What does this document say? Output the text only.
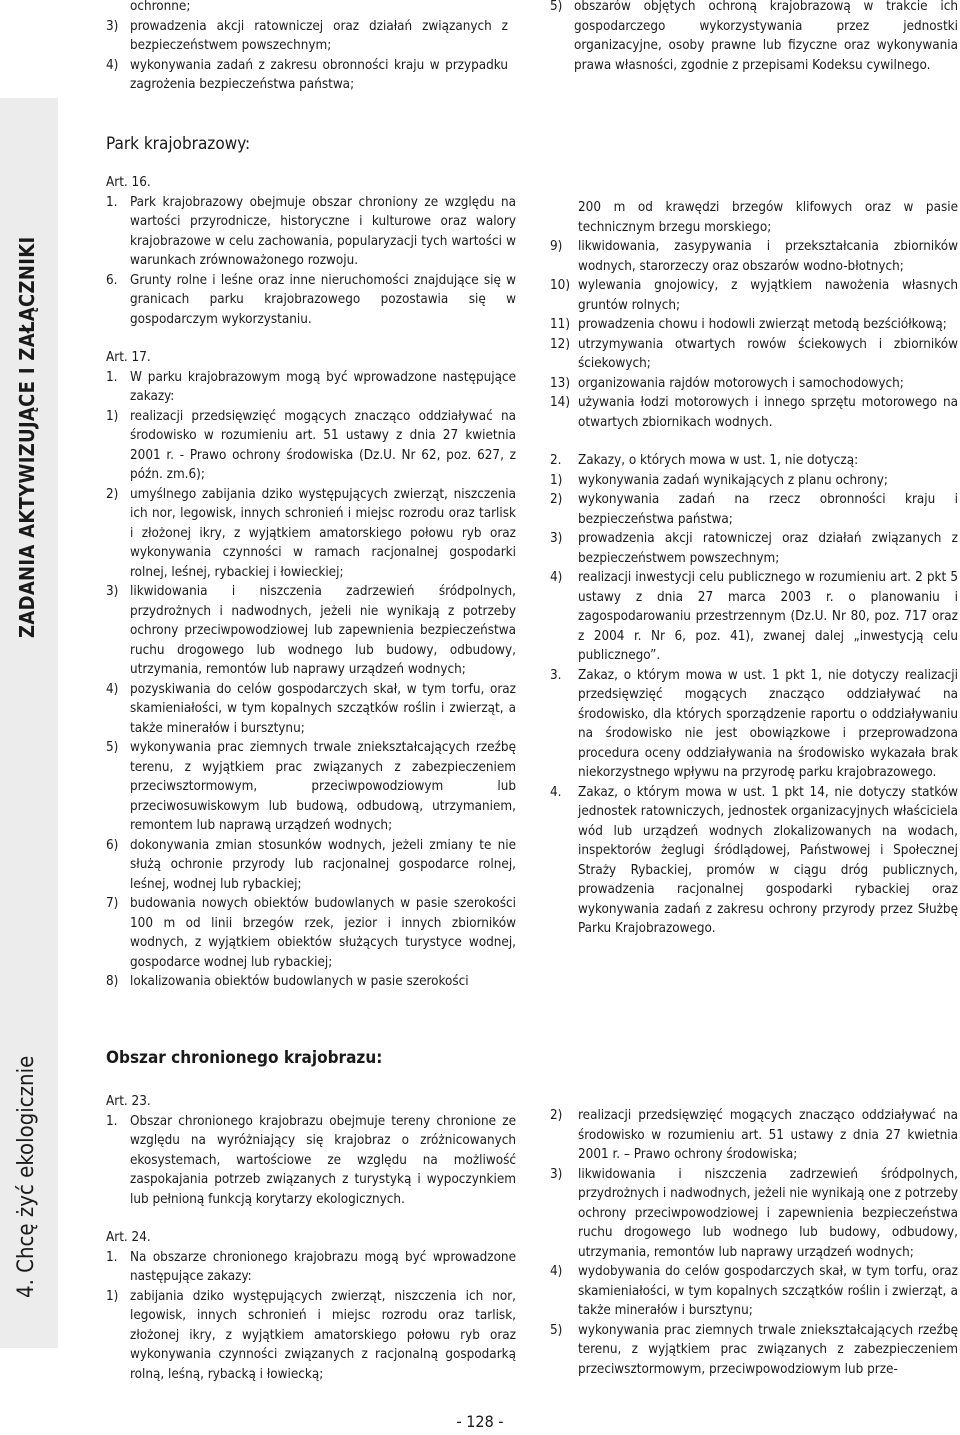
ZADANIA AKTYWIZUJĄCE I ZAŁĄCZNIKI
4. Chcę żyć ekologicznie

ochronne;

3) prowadzenia akcji ratowniczej oraz działań związanych z bezpieczeństwem powszechnym;
4) wykonywania zadań z zakresu obronności kraju w przypadku zagrożenia bezpieczeństwa państwa;
5) obszarów objętych ochroną krajobrazową w trakcie ich gospodarczego wykorzystywania przez jednostki organizacyjne, osoby prawne lub fizyczne oraz wykonywania prawa własności, zgodnie z przepisami Kodeksu cywilnego.
Park krajobrazowy:

Art. 16.

1. Park krajobrazowy obejmuje obszar chroniony ze względu na wartości przyrodnicze, historyczne i kulturowe oraz walory krajobrazowe w celu zachowania, popularyzacji tych wartości w warunkach zrównoważonego rozwoju.
6. Grunty rolne i leśne oraz inne nieruchomości znajdujące się w granicach parku krajobrazowego pozostawia się w gospodarczym wykorzystaniu.

Art. 17.

1. W parku krajobrazowym mogą być wprowadzone następujące zakazy:
1) realizacji przedsięwzięć mogących znacząco oddziaływać na środowisko w rozumieniu art. 51 ustawy z dnia 27 kwietnia 2001 r. - Prawo ochrony środowiska (Dz.U. Nr 62, poz. 627, z późn. zm.6);
2) umyślnego zabijania dziko występujących zwierząt, niszczenia ich nor, legowisk, innych schronień i miejsc rozrodu oraz tarlisk i złożonej ikry, z wyjątkiem amatorskiego połowu ryb oraz wykonywania czynności w ramach racjonalnej gospodarki rolnej, leśnej, rybackiej i łowieckiej;
3) likwidowania i niszczenia zadrzewień śródpolnych, przydrożnych i nadwodnych, jeżeli nie wynikają z potrzeby ochrony przeciwpowodziowej lub zapewnienia bezpieczeństwa ruchu drogowego lub wodnego lub budowy, odbudowy, utrzymania, remontów lub naprawy urządzeń wodnych;
4) pozyskiwania do celów gospodarczych skał, w tym torfu, oraz skamieniałości, w tym kopalnych szczątków roślin i zwierząt, a także minerałów i bursztynu;
5) wykonywania prac ziemnych trwale zniekształcających rzeźbę terenu, z wyjątkiem prac związanych z zabezpieczeniem przeciwsztormowym, przeciwpowodziowym lub przeciwosuwiskowym lub budową, odbudową, utrzymaniem, remontem lub naprawą urządzeń wodnych;
6) dokonywania zmian stosunków wodnych, jeżeli zmiany te nie służą ochronie przyrody lub racjonalnej gospodarce rolnej, leśnej, wodnej lub rybackiej;
7) budowania nowych obiektów budowlanych w pasie szerokości 100 m od linii brzegów rzek, jezior i innych zbiorników wodnych, z wyjątkiem obiektów służących turystyce wodnej, gospodarce wodnej lub rybackiej;
8) lokalizowania obiektów budowlanych w pasie szerokości
Obszar chronionego krajobrazu:

Art. 23.

1. Obszar chronionego krajobrazu obejmuje tereny chronione ze względu na wyróżniający się krajobraz o zróżnicowanych ekosystemach, wartościowe ze względu na możliwość zaspokajania potrzeb związanych z turystyką i wypoczynkiem lub pełnioną funkcją korytarzy ekologicznych.

Art. 24.

1. Na obszarze chronionego krajobrazu mogą być wprowadzone następujące zakazy:
1) zabijania dziko występujących zwierząt, niszczenia ich nor, legowisk, innych schronień i miejsc rozrodu oraz tarlisk, złożonej ikry, z wyjątkiem amatorskiego połowu ryb oraz wykonywania czynności związanych z racjonalną gospodarką rolną, leśną, rybacką i łowiecką;

200 m od krawędzi brzegów klifowych oraz w pasie technicznym brzegu morskiego;

9)	likwidowania, zasypywania i przekształcania zbiorników wodnych, starorzeczy oraz obszarów wodno-błotnych;
10) wylewania gnojowicy, z wyjątkiem nawożenia własnych gruntów rolnych;
11) prowadzenia chowu i hodowli zwierząt metodą bezściółkową;
12) utrzymywania otwartych rowów ściekowych i zbiorników ściekowych;
13) organizowania rajdów motorowych i samochodowych;
14) używania łodzi motorowych i innego sprzętu motorowego na otwartych zbiornikach wodnych.
2.	Zakazy, o których mowa w ust. 1, nie dotyczą:
1)	wykonywania zadań wynikających z planu ochrony;
2)	wykonywania zadań na rzecz obronności kraju i bezpieczeństwa państwa;
3)	prowadzenia akcji ratowniczej oraz działań związanych z bezpieczeństwem powszechnym;
4)	realizacji inwestycji celu publicznego w rozumieniu art. 2 pkt 5 ustawy z dnia 27 marca 2003 r. o planowaniu i zagospodarowaniu przestrzennym (Dz.U. Nr 80, poz. 717 oraz z 2004 r. Nr 6, poz. 41), zwanej dalej „inwestycją celu publicznego”.
3.	Zakaz, o którym mowa w ust. 1 pkt 1, nie dotyczy realizacji przedsięwzięć mogących znacząco oddziaływać na środowisko, dla których sporządzenie raportu o oddziaływaniu na środowisko nie jest obowiązkowe i przeprowadzona procedura oceny oddziaływania na środowisko wykazała brak niekorzystnego wpływu na przyrodę parku krajobrazowego.
4.	Zakaz, o którym mowa w ust. 1 pkt 14, nie dotyczy statków jednostek ratowniczych, jednostek organizacyjnych właściciela wód lub urządzeń wodnych zlokalizowanych na wodach, inspektorów żeglugi śródlądowej, Państwowej i Społecznej Straży Rybackiej, promów w ciągu dróg publicznych, prowadzenia racjonalnej gospodarki rybackiej oraz wykonywania zadań z zakresu ochrony przyrody przez Służbę Parku Krajobrazowego.
2)	realizacji przedsięwzięć mogących znacząco oddziaływać na środowisko w rozumieniu art. 51 ustawy z dnia 27 kwietnia 2001 r. – Prawo ochrony środowiska;
3)	likwidowania i niszczenia zadrzewień śródpolnych, przydrożnych i nadwodnych, jeżeli nie wynikają one z potrzeby ochrony przeciwpowodziowej i zapewnienia bezpieczeństwa ruchu drogowego lub wodnego lub budowy, odbudowy, utrzymania, remontów lub naprawy urządzeń wodnych;
4)	wydobywania do celów gospodarczych skał, w tym torfu, oraz skamieniałości, w tym kopalnych szczątków roślin i zwierząt, a także minerałów i bursztynu;
5)	wykonywania prac ziemnych trwale zniekształcających rzeźbę terenu, z wyjątkiem prac związanych z zabezpieczeniem przeciwsztormowym, przeciwpowodziowym lub prze-
- 128 -
